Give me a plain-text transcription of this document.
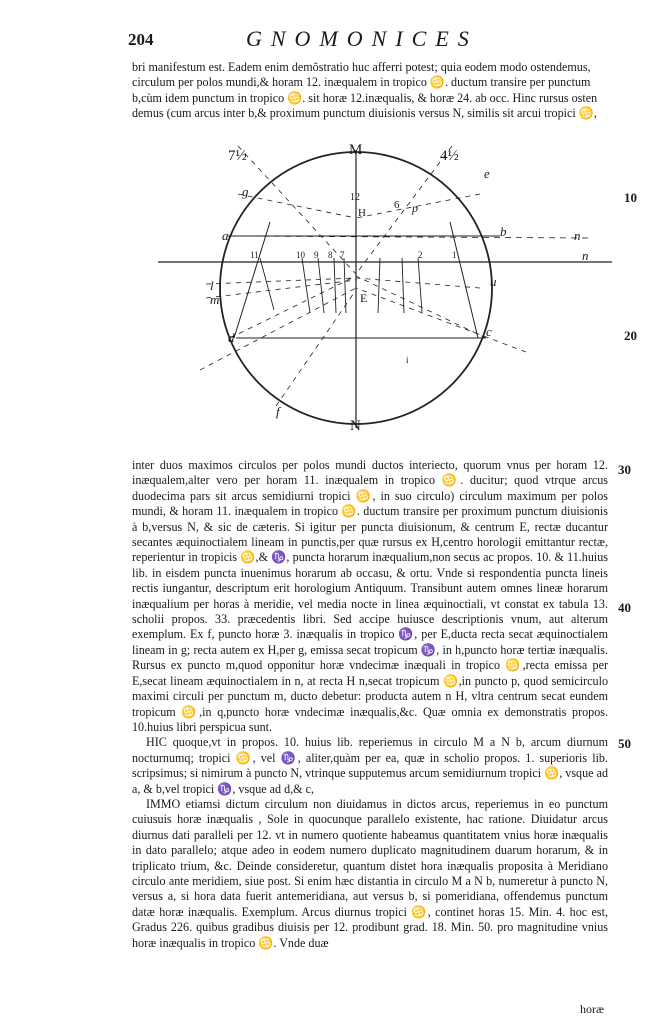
204	GNOMONICES

bri manifestum est. Eadem enim demõstratio huc afferri potest; quia eodem modo ostendemus,

circulum per polos mundi,& horam 12. inæqualem in tropico ♋. ductum transire per punctum

b,cùm idem punctum in tropico ♋. sit horæ 12.inæqualis, & horæ 24. ab occ. Hinc rursus osten

demus (cum arcus inter b,& proximum punctum diuisionis versus N, similis sit arcui tropici ♋,

M
N
7½	4½
E
a	b
c
d
f
g
H
l
m
n
n
p
u
e
12
6
11	10 9 8 7	1
2
i
10
20
30
40
50

inter duos maximos circulos per polos mundi ductos interiecto, quorum vnus per horam 12. inæqualem,alter vero per horam 11. inæqualem in tropico ♋. ducitur; quod vtrque arcus duodecima pars sit arcus semidiurni tropici ♋, in suo circulo) circulum maximum per polos mundi, & horam 11. inæqualem in tropico ♋. ductum transire per proximum punctum diuisionis à b,versus N, & sic de cæteris. Si igitur per puncta diuisionum, & centrum E, rectæ ducantur secantes æquinoctialem lineam in punctis,per quæ rursus ex H,centro horologii emittantur rectæ, reperientur in tropicis ♋,& ♑, puncta horarum inæqualium,non secus ac propos. 10. & 11.huius lib. in eisdem puncta inuenimus horarum ab occasu, & ortu. Vnde si respondentia puncta lineis rectis iungantur, descriptum erit horologium Antiquum. Transibunt autem omnes lineæ horarum inæqualium per horas à meridie, vel media nocte in linea æquinoctiali, vt constat ex tabula 13. scholii propos. 33. præcedentis libri. Sed accipe huiusce descriptionis vnum, aut alterum exemplum. Ex f, puncto horæ 3. inæqualis in tropico ♑, per E,ducta recta secat æquinoctialem lineam in g; recta autem ex H,per g, emissa secat tropicum ♑, in h,puncto horæ tertiæ inæqualis. Rursus ex puncto m,quod opponitur horæ vndecimæ inæquali in tropico ♋,recta emissa per E,secat lineam æquinoctialem in n, at recta H n,secat tropicum ♋,in puncto p, quod semicirculo maximi circuli per punctum m, ducto debetur: producta autem n H, vltra centrum secat eundem tropicum ♋,in q,puncto horæ vndecimæ inæqualis,&c. Quæ omnia ex demonstratis propos. 10.huius libri perspicua sunt.

HIC quoque,vt in propos. 10. huius lib. reperiemus in circulo M a N b, arcum diurnum nocturnumq; tropici ♋, vel ♑, aliter,quàm per ea, quæ in scholio propos. 1. superioris lib. scripsimus; si nimirum à puncto N, vtrinque supputemus arcum semidiurnum tropici ♋, vsque ad a, & b,vel tropici ♑, vsque ad d,& c,

IMMO etiamsi dictum circulum non diuidamus in dictos arcus, reperiemus in eo punctum cuiusuis horæ inæqualis , Sole in quocunque parallelo existente, hac ratione. Diuidatur arcus diurnus dati paralleli per 12. vt in numero quotiente habeamus quantitatem vnius horæ inæqualis in dato parallelo; atque adeo in eodem numero duplicato magnitudinem duarum horarum, & in triplicato trium, &c. Deinde consideretur, quantum distet hora inæqualis proposita à Meridiano circulo ante meridiem, siue post. Si enim hæc distantia in circulo M a N b, numeretur à puncto N, versus a, si hora data fuerit antemeridiana, aut versus b, si pomeridiana, offendemus punctum datæ horæ inæqualis. Exemplum. Arcus diurnus tropici ♋, continet horas 15. Min. 4. hoc est, Gradus 226. quibus gradibus diuisis per 12. prodibunt grad. 18. Min. 50. pro magnitudine vnius horæ inæqualis in tropico ♋. Vnde duæ

horæ
